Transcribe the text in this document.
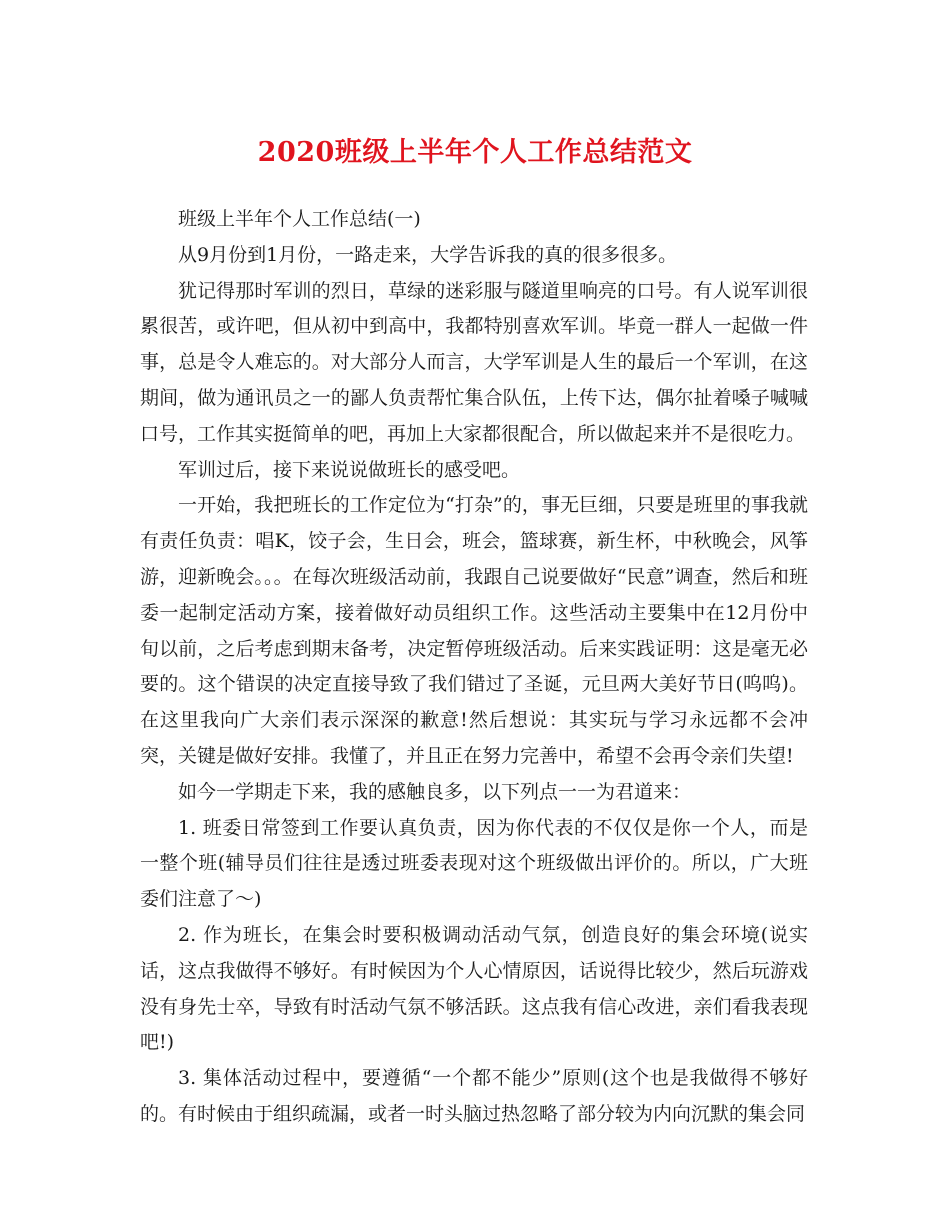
2020班级上半年个人工作总结范文

班级上半年个人工作总结(一)

从9月份到1月份，一路走来，大学告诉我的真的很多很多。

犹记得那时军训的烈日，草绿的迷彩服与隧道里响亮的口号。有人说军训很累很苦，或许吧，但从初中到高中，我都特别喜欢军训。毕竟一群人一起做一件事，总是令人难忘的。对大部分人而言，大学军训是人生的最后一个军训，在这期间，做为通讯员之一的鄙人负责帮忙集合队伍，上传下达，偶尔扯着嗓子喊喊口号，工作其实挺简单的吧，再加上大家都很配合，所以做起来并不是很吃力。

军训过后，接下来说说做班长的感受吧。

一开始，我把班长的工作定位为“打杂”的，事无巨细，只要是班里的事我就有责任负责：唱K，饺子会，生日会，班会，篮球赛，新生杯，中秋晚会，风筝游，迎新晚会。。。在每次班级活动前，我跟自己说要做好“民意”调查，然后和班委一起制定活动方案，接着做好动员组织工作。这些活动主要集中在12月份中旬以前，之后考虑到期末备考，决定暂停班级活动。后来实践证明：这是毫无必要的。这个错误的决定直接导致了我们错过了圣诞，元旦两大美好节日(呜呜)。在这里我向广大亲们表示深深的歉意!然后想说：其实玩与学习永远都不会冲突，关键是做好安排。我懂了，并且正在努力完善中，希望不会再令亲们失望!

如今一学期走下来，我的感触良多，以下列点一一为君道来：

1. 班委日常签到工作要认真负责，因为你代表的不仅仅是你一个人，而是一整个班(辅导员们往往是透过班委表现对这个班级做出评价的。所以，广大班委们注意了～)

2. 作为班长，在集会时要积极调动活动气氛，创造良好的集会环境(说实话，这点我做得不够好。有时候因为个人心情原因，话说得比较少，然后玩游戏没有身先士卒，导致有时活动气氛不够活跃。这点我有信心改进，亲们看我表现吧!)

3. 集体活动过程中，要遵循“一个都不能少”原则(这个也是我做得不够好的。有时候由于组织疏漏，或者一时头脑过热忽略了部分较为内向沉默的集会同
